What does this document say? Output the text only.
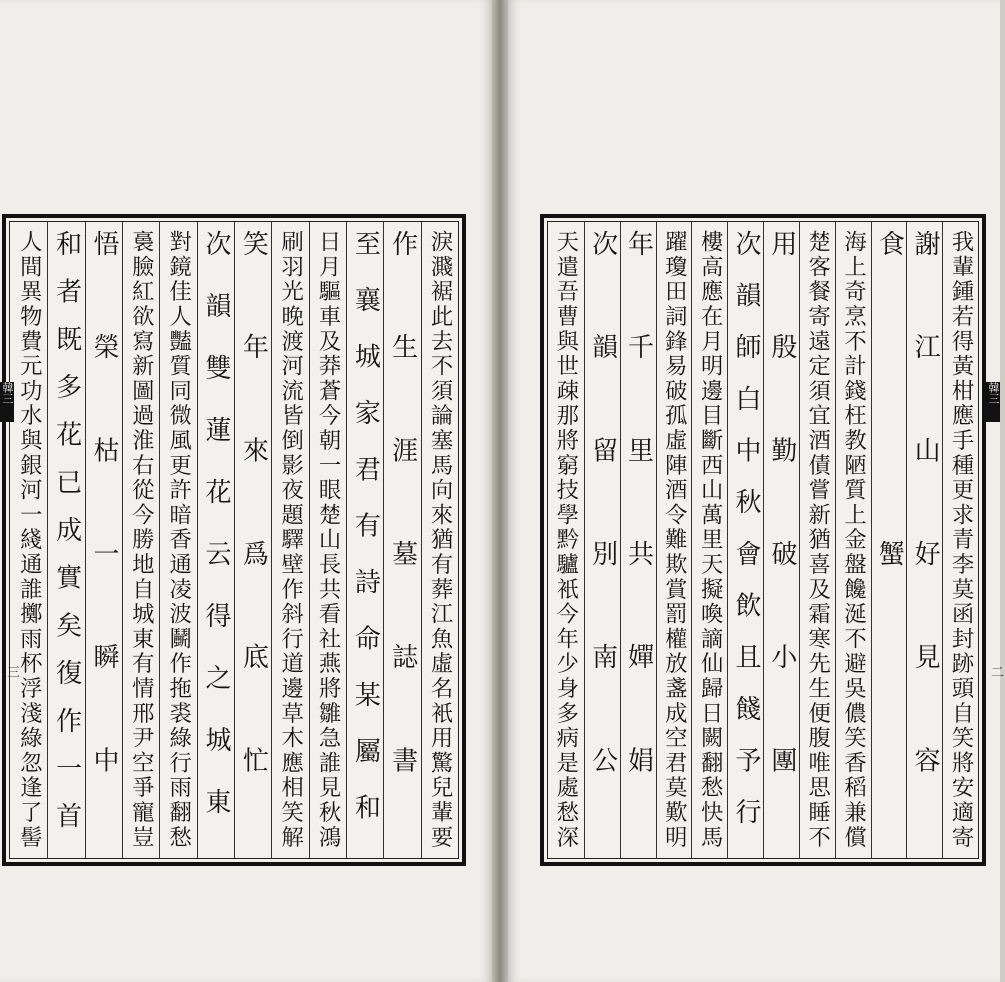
淚濺裾此去不須論塞馬向來猶有葬江魚虛名衹用驚兒輩要
作生涯墓誌書
至襄城家君有詩命某屬和
日月驅車及莽蒼今朝一眼楚山長共看社燕將雛急誰見秋鴻
刷羽光晚渡河流皆倒影夜題驛壁作斜行道邊草木應相笑解
笑年來爲底忙
次韻雙蓮花云得之城東
對鏡佳人豔質同微風更許暗香通凌波鬭作拖裘綠行雨翻愁
裛臉紅欲寫新圖過淮右從今勝地自城東有情邢尹空爭寵豈
悟榮枯一瞬中
和者既多花已成實矣復作一首
人間異物費元功水與銀河一綫通誰擲雨杯浮淺綠忽逢了髻
韓三
三
韓三
二
我輩鍾若得黃柑應手種更求青李莫函封跡頭自笑將安適寄
謝江山好見容
食蟹
海上奇烹不計錢枉教陋質上金盤饞涎不避吳儂笑香稻兼償
楚客餐寄遠定須宜酒債嘗新猶喜及霜寒先生便腹唯思睡不
用殷勤破小團
次韻師白中秋會飲且餞予行
樓高應在月明邊目斷西山萬里天擬喚謫仙歸日闕翻愁快馬
躍瓊田詞鋒易破孤虛陣酒令難欺賞罰權放盞成空君莫歎明
年千里共嬋娟
次韻留別南公
天遣吾曹與世疎那將窮技學黔驢衹今年少身多病是處愁深
